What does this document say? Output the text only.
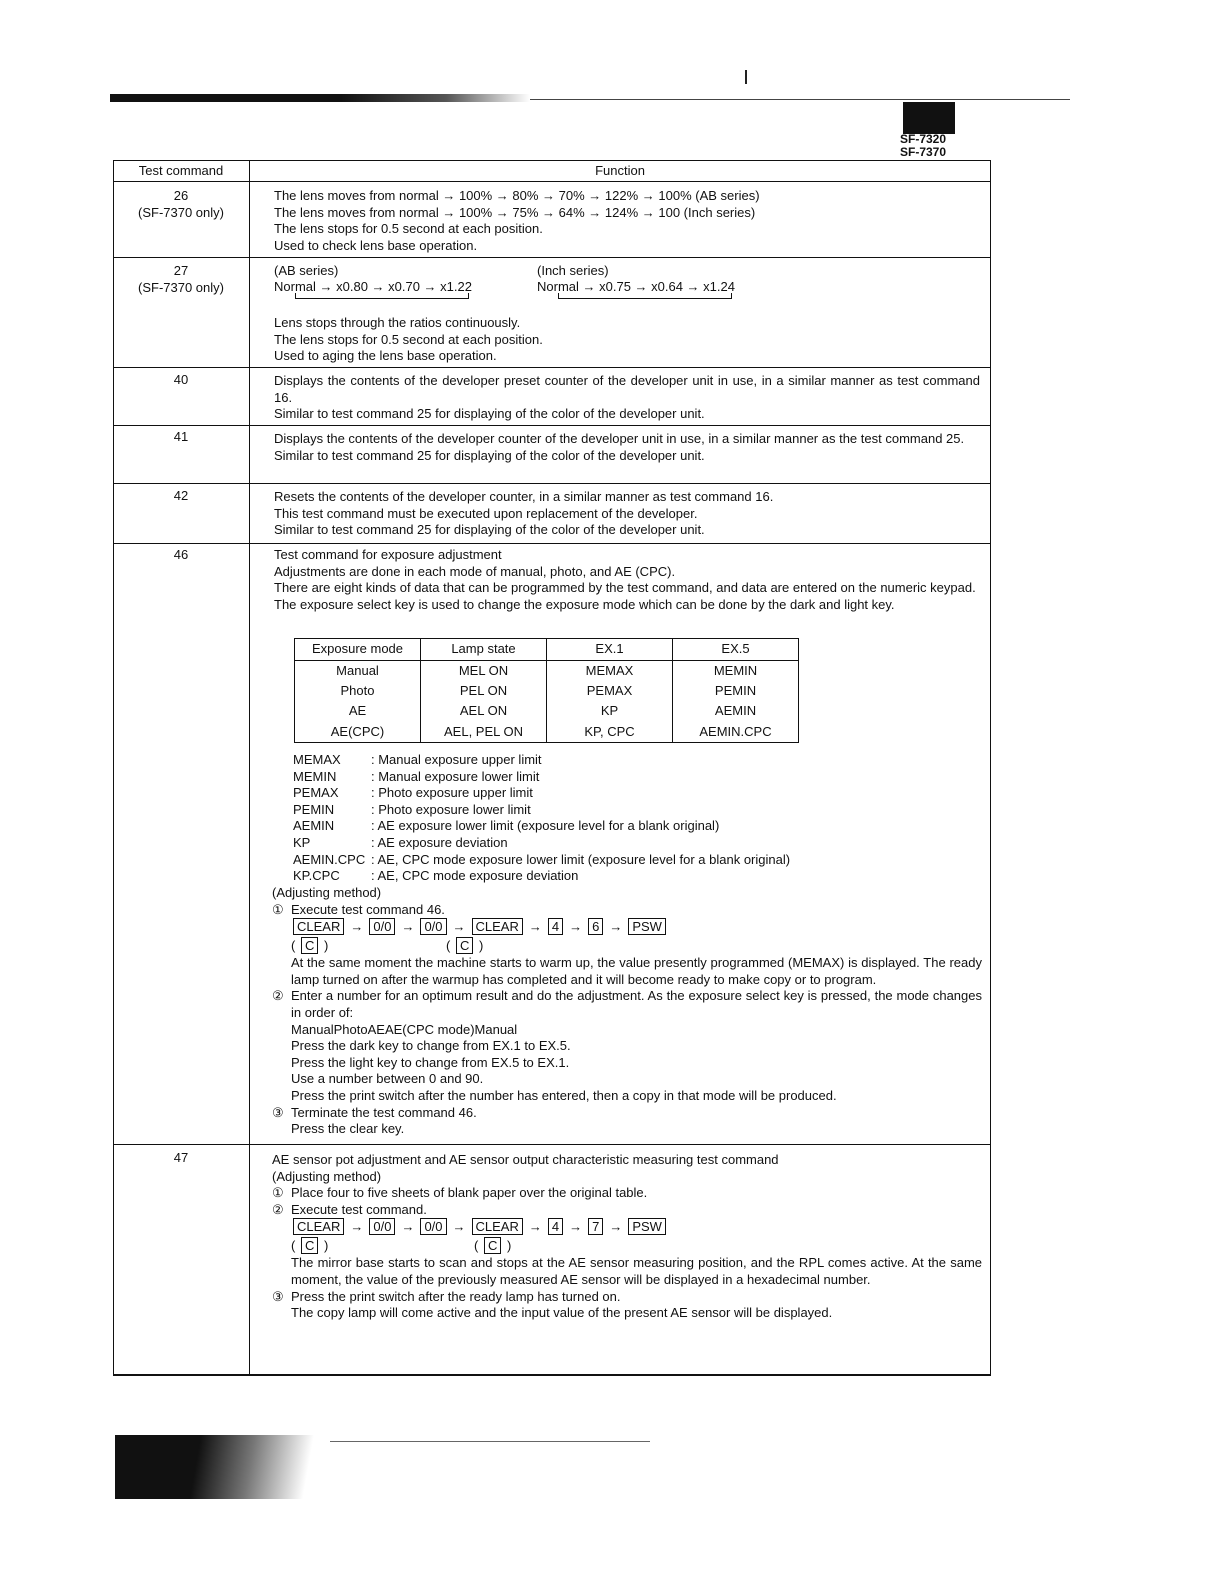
SF-7320
SF-7370
Test command	Function
26
(SF-7370 only)

The lens moves from normal → 100% → 80% → 70% → 122% → 100% (AB series)

The lens moves from normal → 100% → 75% → 64% → 124% → 100 (Inch series)

The lens stops for 0.5 second at each position.

Used to check lens base operation.

27
(SF-7370 only)
(AB series)
Normal → x0.80 → x0.70 → x1.22
(Inch series)
Normal → x0.75 → x0.64 → x1.24

Lens stops through the ratios continuously.

The lens stops for 0.5 second at each position.

Used to aging the lens base operation.

40	Displays the contents of the developer preset counter of the developer unit in use, in a similar manner as test command 16.

Similar to test command 25 for displaying of the color of the developer unit.

41	Displays the contents of the developer counter of the developer unit in use, in a similar manner as the test command 25.

Similar to test command 25 for displaying of the color of the developer unit.

42	Resets the contents of the developer counter, in a similar manner as test command 16.

This test command must be executed upon replacement of the developer.

Similar to test command 25 for displaying of the color of the developer unit.

46	Test command for exposure adjustment

Adjustments are done in each mode of manual, photo, and AE (CPC).

There are eight kinds of data that can be programmed by the test command, and data are entered on the numeric keypad.

The exposure select key is used to change the exposure mode which can be done by the dark and light key.

Exposure mode	Lamp state	EX.1	EX.5
Manual	MEL ON	MEMAX	MEMIN
Photo	PEL ON	PEMAX	PEMIN
AE	AEL ON	KP	AEMIN
AE(CPC)	AEL, PEL ON	KP, CPC	AEMIN.CPC
MEMAX	: Manual exposure upper limit
MEMIN	: Manual exposure lower limit
PEMAX	: Photo exposure upper limit
PEMIN	: Photo exposure lower limit
AEMIN	: AE exposure lower limit (exposure level for a blank original)
KP	: AE exposure deviation
AEMIN.CPC : AE, CPC mode exposure lower limit (exposure level for a blank original)
KP.CPC	: AE, CPC mode exposure deviation
(Adjusting method)
① Execute test command 46.
CLEAR → 0/0 → 0/0 → CLEAR → 4 → 6 → PSW
( C )	( C )

At the same moment the machine starts to warm up, the value presently programmed (MEMAX) is displayed. The ready lamp turned on after the warmup has completed and it will become ready to make copy or to program.

② Enter a number for an optimum result and do the adjustment. As the exposure select key is pressed, the mode changes in order of:

ManualPhotoAEAE(CPC mode)Manual

Press the dark key to change from EX.1 to EX.5.

Press the light key to change from EX.5 to EX.1.

Use a number between 0 and 90.

Press the print switch after the number has entered, then a copy in that mode will be produced.

③ Terminate the test command 46.
Press the clear key.
47	AE sensor pot adjustment and AE sensor output characteristic measuring test command
(Adjusting method)
① Place four to five sheets of blank paper over the original table.
② Execute test command.
CLEAR → 0/0 → 0/0 → CLEAR → 4 → 7 → PSW
( C )	( C )

The mirror base starts to scan and stops at the AE sensor measuring position, and the RPL comes active. At the same moment, the value of the previously measured AE sensor will be displayed in a hexadecimal number.

③ Press the print switch after the ready lamp has turned on.
The copy lamp will come active and the input value of the present AE sensor will be displayed.
